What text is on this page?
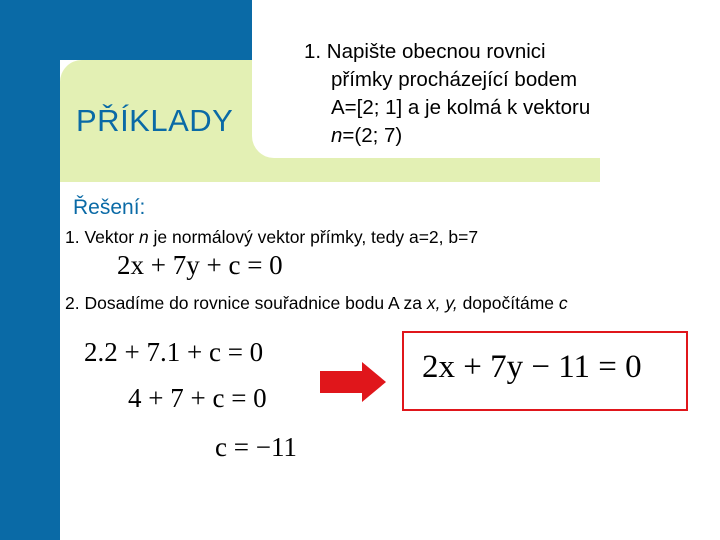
PŘÍKLADY
1. Napište obecnou rovnici
přímky procházející bodem
A=[2; 1] a je kolmá k vektoru
n=(2; 7)
Řešení:
1. Vektor n je normálový vektor přímky, tedy a=2, b=7
2x + 7y + c = 0
2. Dosadíme do rovnice souřadnice bodu A za x, y, dopočítáme c
2.2 + 7.1 + c = 0
4 + 7 + c = 0
c = −11
2x + 7y − 11 = 0
